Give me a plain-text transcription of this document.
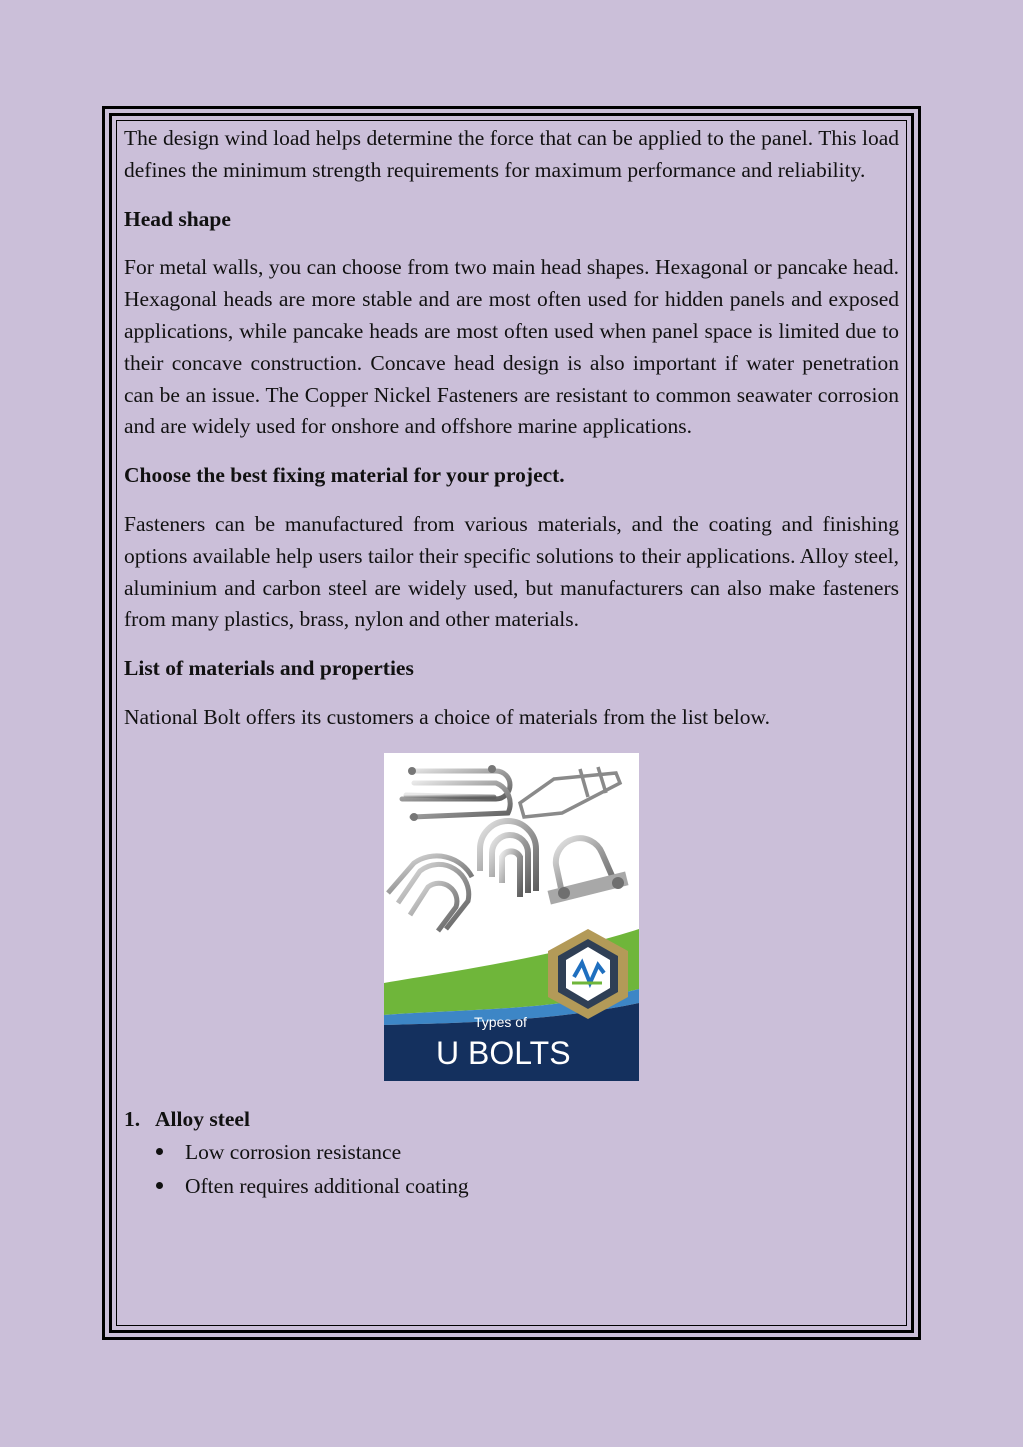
The design wind load helps determine the force that can be applied to the panel. This load defines the minimum strength requirements for maximum performance and reliability.

Head shape

For metal walls, you can choose from two main head shapes. Hexagonal or pancake head. Hexagonal heads are more stable and are most often used for hidden panels and exposed applications, while pancake heads are most often used when panel space is limited due to their concave construction. Concave head design is also important if water penetration can be an issue. The Copper Nickel Fasteners are resistant to common seawater corrosion and are widely used for onshore and offshore marine applications.

Choose the best fixing material for your project.

Fasteners can be manufactured from various materials, and the coating and finishing options available help users tailor their specific solutions to their applications. Alloy steel, aluminium and carbon steel are widely used, but manufacturers can also make fasteners from many plastics, brass, nylon and other materials.

List of materials and properties

National Bolt offers its customers a choice of materials from the list below.

Types of
U BOLTS
1. Alloy steel
Low corrosion resistance
Often requires additional coating
